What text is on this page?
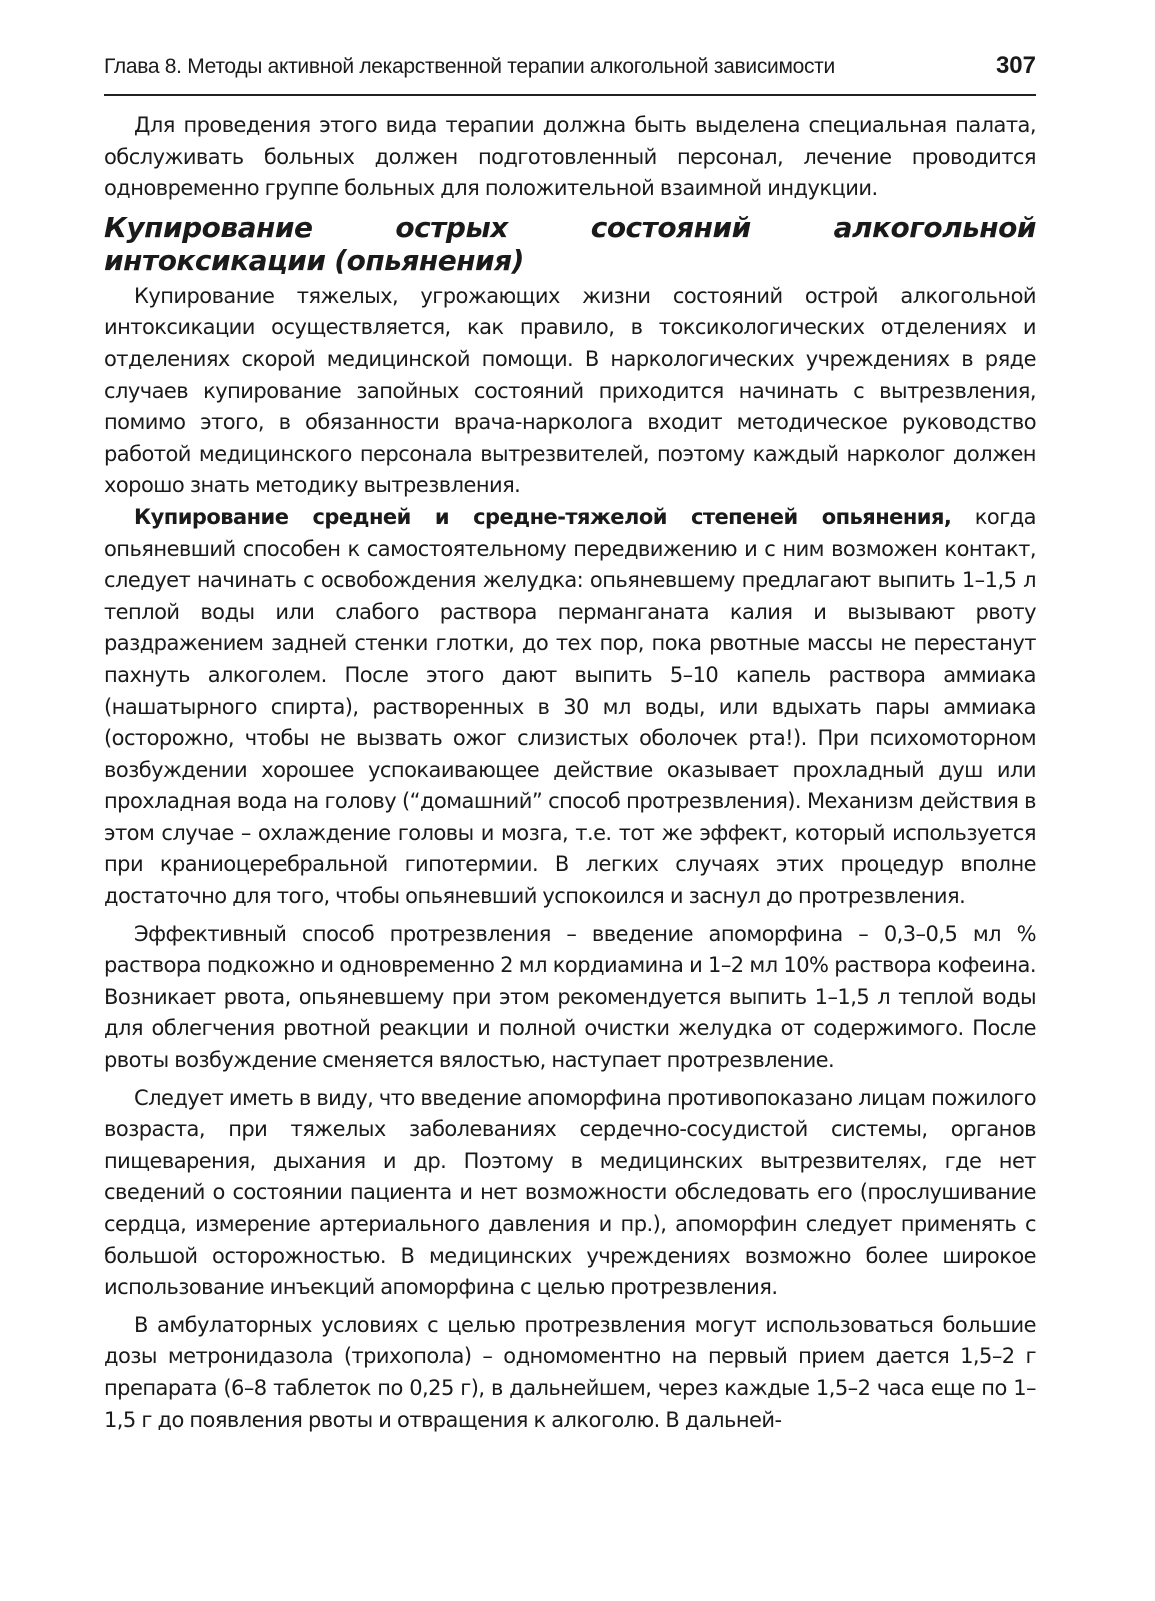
Глава 8. Методы активной лекарственной терапии алкогольной зависимости	307

Для проведения этого вида терапии должна быть выделена специальная палата, обслуживать больных должен подготовленный персонал, лечение проводится одновременно группе больных для положительной взаимной индукции.

Купирование острых состояний алкогольной интоксикации (опьянения)

Купирование тяжелых, угрожающих жизни состояний острой алкогольной интоксикации осуществляется, как правило, в токсикологических отделениях и отделениях скорой медицинской помощи. В наркологических учреждениях в ряде случаев купирование запойных состояний приходится начинать с вытрезвления, помимо этого, в обязанности врача-нарколога входит методическое руководство работой медицинского персонала вытрезвителей, поэтому каждый нарколог должен хорошо знать методику вытрезвления.

Купирование средней и средне-тяжелой степеней опьянения, когда опьяневший способен к самостоятельному передвижению и с ним возможен контакт, следует начинать с освобождения желудка: опьяневшему предлагают выпить 1–1,5 л теплой воды или слабого раствора перманганата калия и вызывают рвоту раздражением задней стенки глотки, до тех пор, пока рвотные массы не перестанут пахнуть алкоголем. После этого дают выпить 5–10 капель раствора аммиака (нашатырного спирта), растворенных в 30 мл воды, или вдыхать пары аммиака (осторожно, чтобы не вызвать ожог слизистых оболочек рта!). При психомоторном возбуждении хорошее успокаивающее действие оказывает прохладный душ или прохладная вода на голову (“домашний” способ протрезвления). Механизм действия в этом случае – охлаждение головы и мозга, т.е. тот же эффект, который используется при краниоцеребральной гипотермии. В легких случаях этих процедур вполне достаточно для того, чтобы опьяневший успокоился и заснул до протрезвления.

Эффективный способ протрезвления – введение апоморфина – 0,3–0,5 мл % раствора подкожно и одновременно 2 мл кордиамина и 1–2 мл 10% раствора кофеина. Возникает рвота, опьяневшему при этом рекомендуется выпить 1–1,5 л теплой воды для облегчения рвотной реакции и полной очистки желудка от содержимого. После рвоты возбуждение сменяется вялостью, наступает протрезвление.

Следует иметь в виду, что введение апоморфина противопоказано лицам пожилого возраста, при тяжелых заболеваниях сердечно-сосудистой системы, органов пищеварения, дыхания и др. Поэтому в медицинских вытрезвителях, где нет сведений о состоянии пациента и нет возможности обследовать его (прослушивание сердца, измерение артериального давления и пр.), апоморфин следует применять с большой осторожностью. В медицинских учреждениях возможно более широкое использование инъекций апоморфина с целью протрезвления.

В амбулаторных условиях с целью протрезвления могут использоваться большие дозы метронидазола (трихопола) – одномоментно на первый прием дается 1,5–2 г препарата (6–8 таблеток по 0,25 г), в дальнейшем, через каждые 1,5–2 часа еще по 1–1,5 г до появления рвоты и отвращения к алкоголю. В дальней-
